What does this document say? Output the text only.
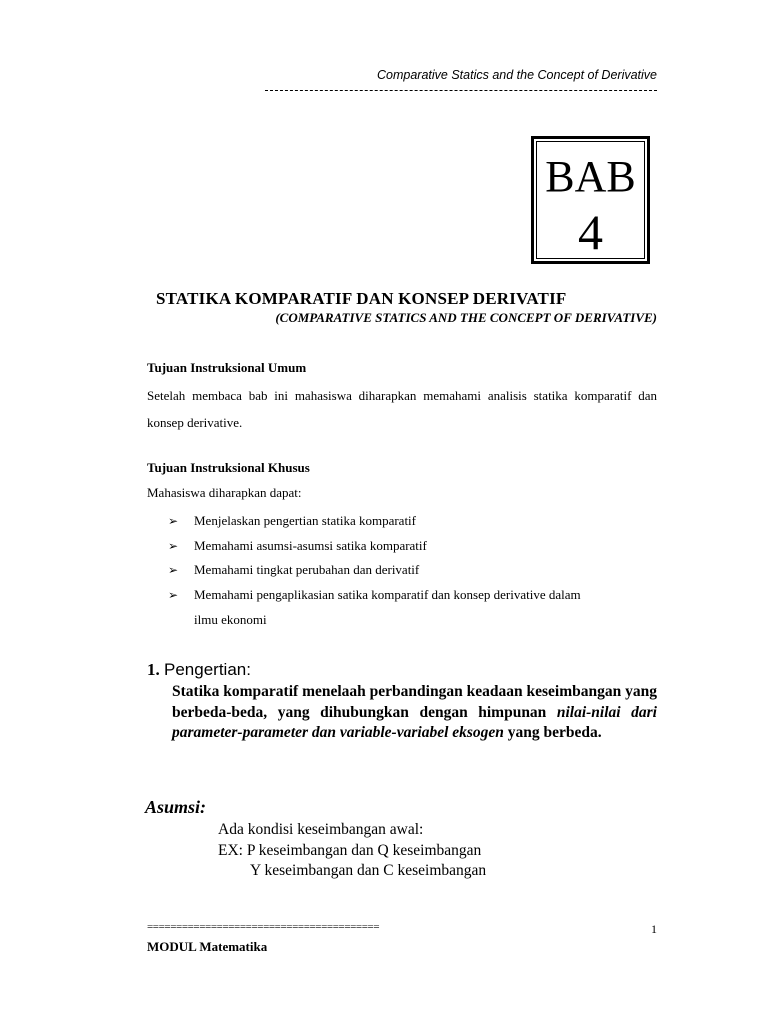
Comparative Statics and the Concept of Derivative
BAB
4
STATIKA KOMPARATIF DAN KONSEP DERIVATIF
(COMPARATIVE STATICS AND THE CONCEPT OF DERIVATIVE)
Tujuan Instruksional Umum
Setelah membaca bab ini mahasiswa diharapkan memahami analisis statika komparatif dan konsep derivative.
Tujuan Instruksional Khusus
Mahasiswa diharapkan dapat:
➢ Menjelaskan pengertian statika komparatif
➢ Memahami asumsi-asumsi satika komparatif
➢ Memahami tingkat perubahan dan derivatif
➢ Memahami pengaplikasian satika komparatif dan konsep derivative dalam
ilmu ekonomi
1. Pengertian:
Statika komparatif menelaah perbandingan keadaan keseimbangan yang berbeda-beda, yang dihubungkan dengan himpunan nilai-nilai dari parameter-parameter dan variable-variabel eksogen yang berbeda.
Asumsi:
Ada kondisi keseimbangan awal:
EX: P keseimbangan dan Q keseimbangan
Y keseimbangan dan C keseimbangan
========================================	1
MODUL Matematika
